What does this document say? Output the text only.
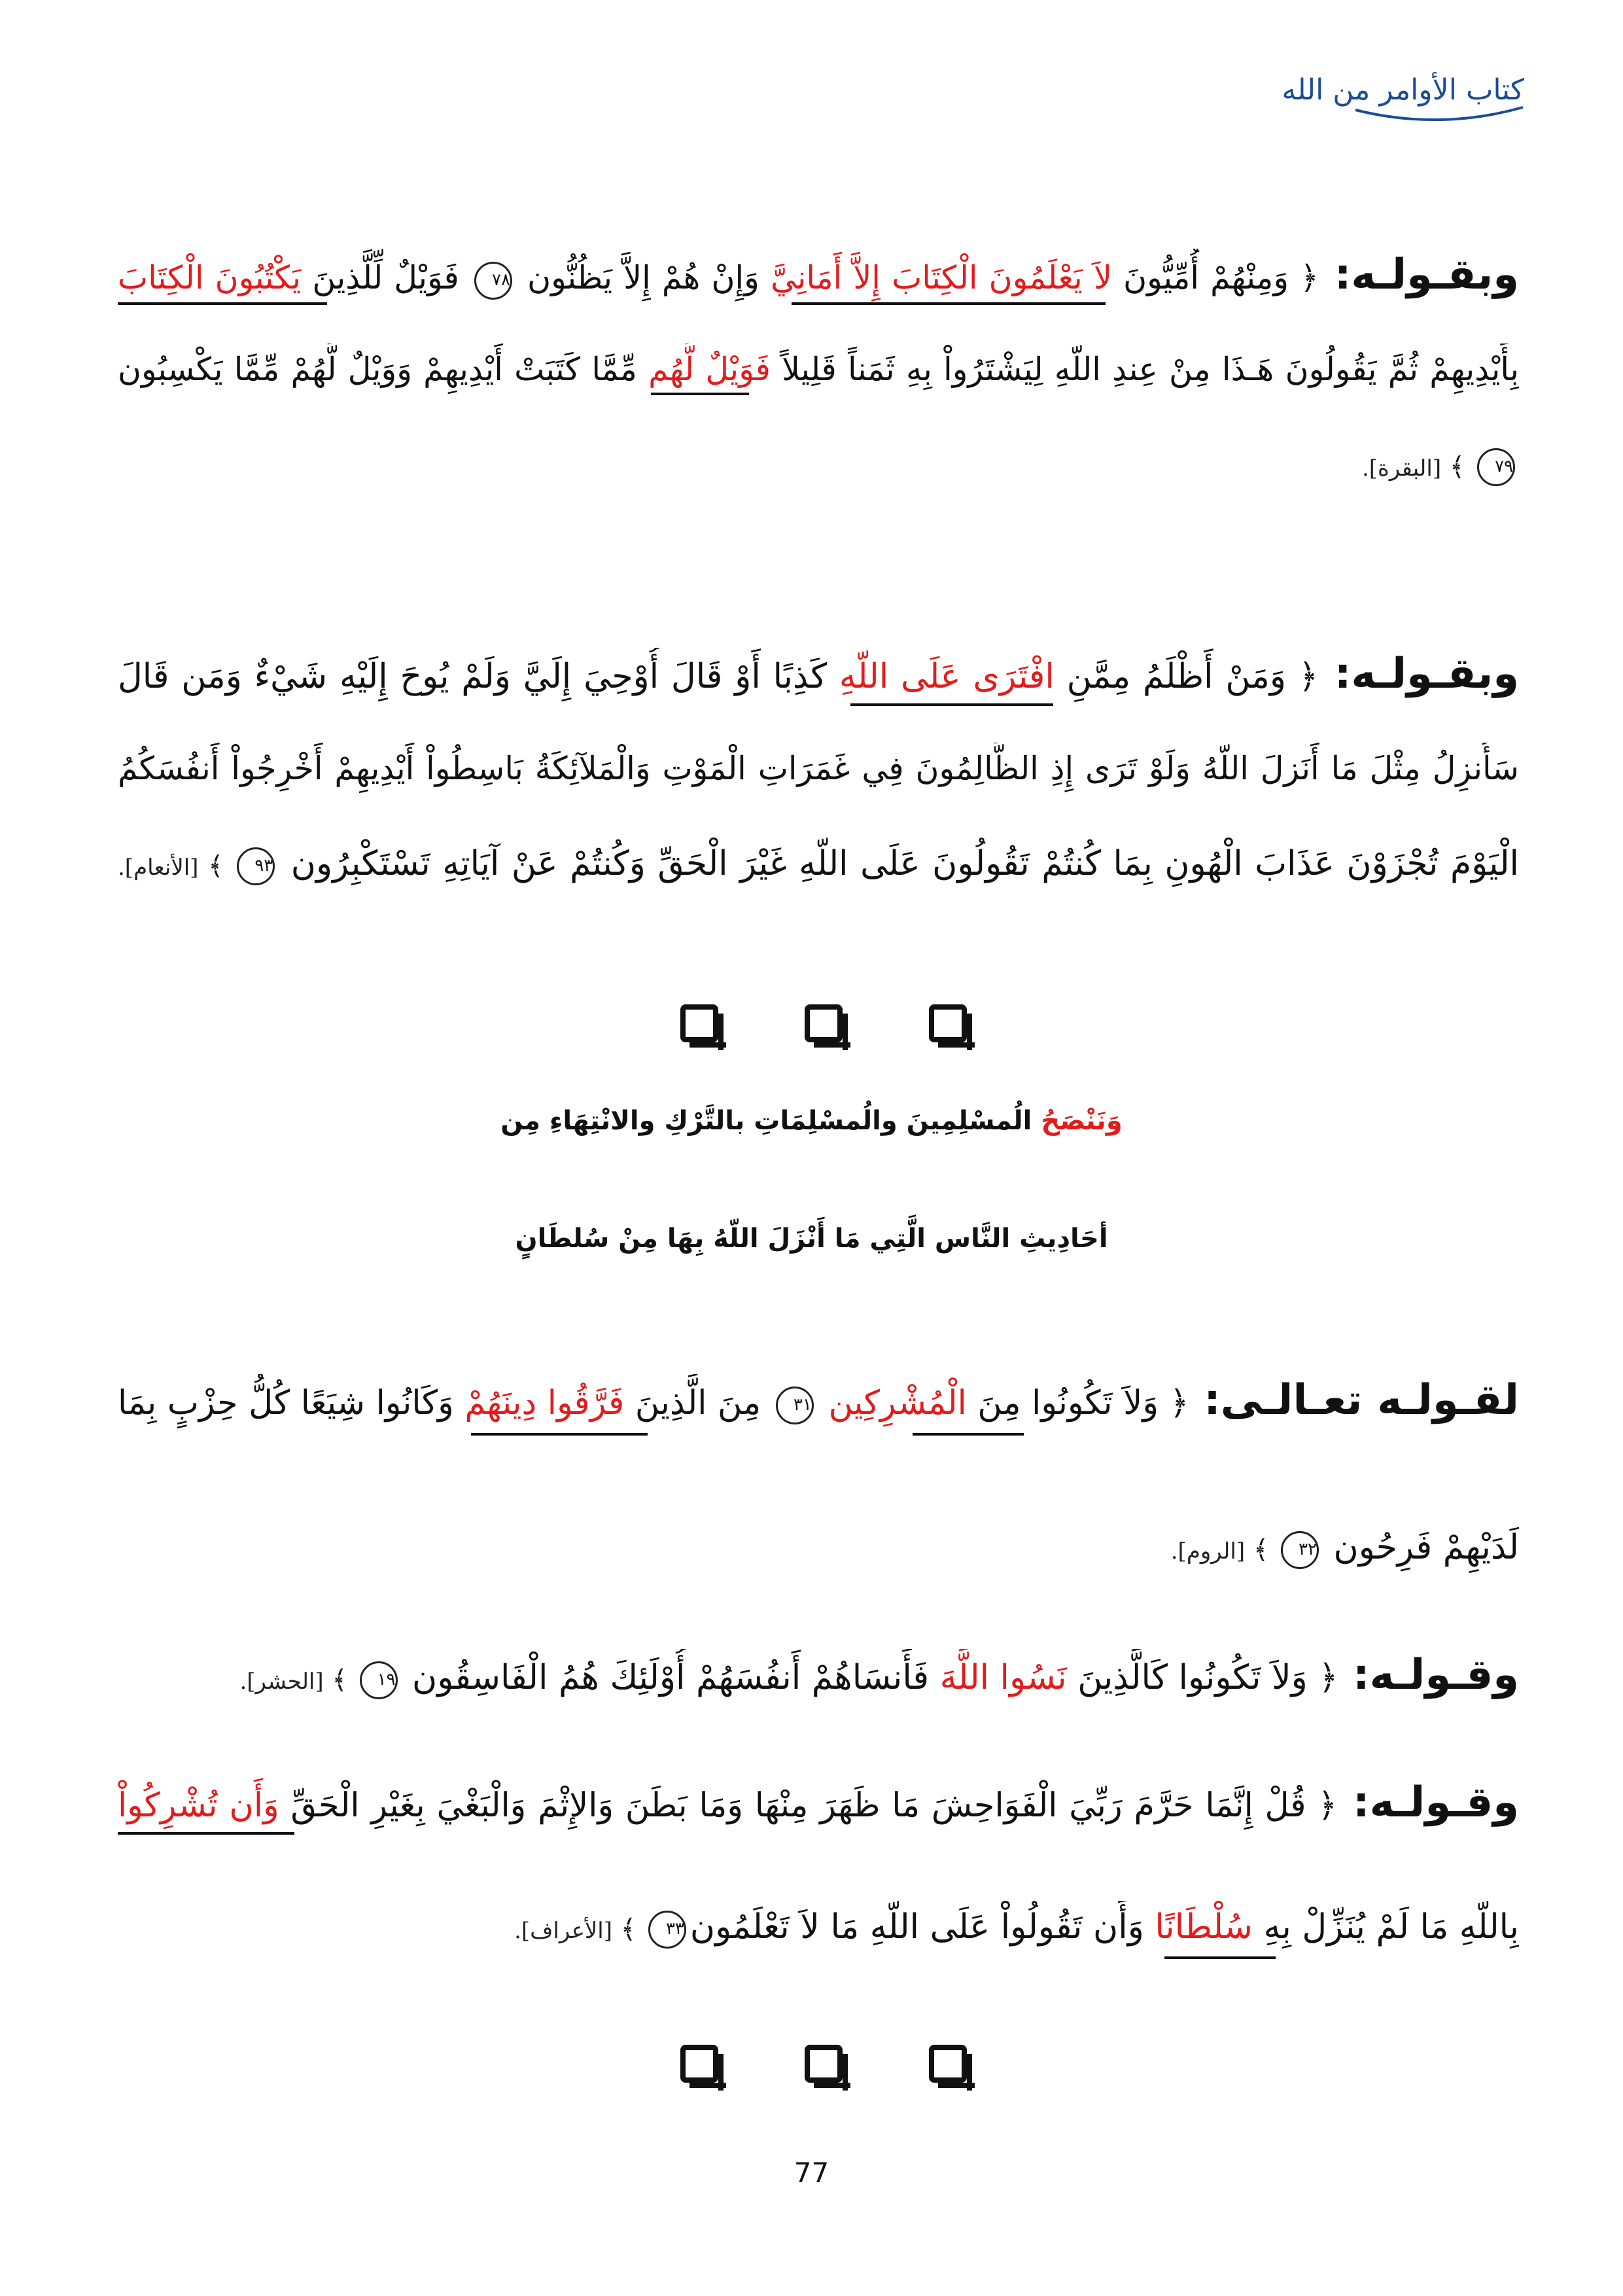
كتاب الأوامر من الله
وبقـولـه: ﴿ وَمِنْهُمْ أُمِّيُّونَ لاَ يَعْلَمُونَ الْكِتَابَ إِلاَّ أَمَانِيَّ وَإِنْ هُمْ إِلاَّ يَظُنُّون ٧٨ فَوَيْلٌ لِّلَّذِينَ يَكْتُبُونَ الْكِتَابَ
بِأَيْدِيهِمْ ثُمَّ يَقُولُونَ هَـذَا مِنْ عِندِ اللّهِ لِيَشْتَرُواْ بِهِ ثَمَناً قَلِيلاً فَوَيْلٌ لَّهُم مِّمَّا كَتَبَتْ أَيْدِيهِمْ وَوَيْلٌ لَّهُمْ مِّمَّا يَكْسِبُون
٧٩ ﴾ [البقرة].
وبقـولـه: ﴿ وَمَنْ أَظْلَمُ مِمَّنِ افْتَرَى عَلَى اللّهِ كَذِبًا أَوْ قَالَ أُوْحِيَ إِلَيَّ وَلَمْ يُوحَ إِلَيْهِ شَيْءٌ وَمَن قَالَ
سَأُنزِلُ مِثْلَ مَا أَنَزلَ اللّهُ وَلَوْ تَرَى إِذِ الظَّالِمُونَ فِي غَمَرَاتِ الْمَوْتِ وَالْمَلآئِكَةُ بَاسِطُواْ أَيْدِيهِمْ أَخْرِجُواْ أَنفُسَكُمُ
الْيَوْمَ تُجْزَوْنَ عَذَابَ الْهُونِ بِمَا كُنتُمْ تَقُولُونَ عَلَى اللّهِ غَيْرَ الْحَقِّ وَكُنتُمْ عَنْ آيَاتِهِ تَسْتَكْبِرُون ٩٣ ﴾ [الأنعام].
وَنَنْصَحُ الُمسْلِمِينَ والُمسْلِمَاتِ بالتَّرْكِ والانْتِهَاءِ مِن
أحَادِيثِ النَّاس الَّتِي مَا أَنْزَلَ اللّهُ بِهَا مِنْ سُلطَانٍ
لقـولـه تعـالـى: ﴿ وَلاَ تَكُونُوا مِنَ الْمُشْرِكِين ٣١ مِنَ الَّذِينَ فَرَّقُوا دِينَهُمْ وَكَانُوا شِيَعًا كُلُّ حِزْبٍ بِمَا
لَدَيْهِمْ فَرِحُون ٣٢ ﴾ [الروم].
وقـولـه: ﴿ وَلاَ تَكُونُوا كَالَّذِينَ نَسُوا اللَّهَ فَأَنسَاهُمْ أَنفُسَهُمْ أُوْلَئِكَ هُمُ الْفَاسِقُون ١٩ ﴾ [الحشر].
وقـولـه: ﴿ قُلْ إِنَّمَا حَرَّمَ رَبِّيَ الْفَوَاحِشَ مَا ظَهَرَ مِنْهَا وَمَا بَطَنَ وَالإِثْمَ وَالْبَغْيَ بِغَيْرِ الْحَقِّ وَأَن تُشْرِكُواْ
بِاللّهِ مَا لَمْ يُنَزِّلْ بِهِ سُلْطَانًا وَأَن تَقُولُواْ عَلَى اللّهِ مَا لاَ تَعْلَمُون٣٣ ﴾ [الأعراف].
77
